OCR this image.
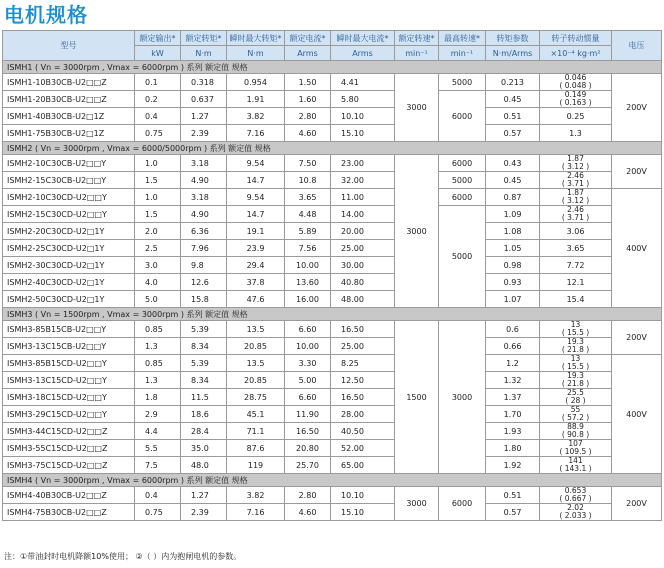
电机规格
型号	额定输出*	额定转矩*	瞬时最大转矩*	额定电流*	瞬时最大电流*	额定转速*	最高转速*	转矩参数	转子转动惯量	电压
	kW	N·m	N·m	Arms	Arms	min⁻¹	min⁻¹	N·m/Arms	×10⁻⁴ kg·m²	
ISMH1 ( Vn = 3000rpm , Vmax = 6000rpm ) 系列 额定值 规格										
ISMH1-10B30CB-U2□□Z	0.1	0.318	0.954	1.50	4.41	3000	5000	0.213	0.046
( 0.048 )	200V
ISMH1-20B30CB-U2□□Z	0.2	0.637	1.91	1.60	5.80		6000	0.45	0.149
( 0.163 )	

ISMH1-40B30CB-U2□1Z	0.4	1.27	3.82	2.80	10.10			0.51	0.25	
ISMH1-75B30CB-U2□1Z	0.75	2.39	7.16	4.60	15.10			0.57	1.3	
ISMH2 ( Vn = 3000rpm , Vmax = 6000/5000rpm ) 系列 额定值 规格										
ISMH2-10C30CB-U2□□Y	1.0	3.18	9.54	7.50	23.00	3000	6000	0.43	1.87
( 3.12 )	200V
ISMH2-15C30CB-U2□□Y	1.5	4.90	14.7	10.8	32.00		5000	0.45	2.46
( 3.71 )	

ISMH2-10C30CD-U2□□Y	1.0	3.18	9.54	3.65	11.00		6000	0.87	1.87
( 3.12 )	400V
ISMH2-15C30CD-U2□□Y	1.5	4.90	14.7	4.48	14.00		5000	1.09	2.46
( 3.71 )	

ISMH2-20C30CD-U2□1Y	2.0	6.36	19.1	5.89	20.00			1.08	3.06	
ISMH2-25C30CD-U2□1Y	2.5	7.96	23.9	7.56	25.00			1.05	3.65	
ISMH2-30C30CD-U2□1Y	3.0	9.8	29.4	10.00	30.00			0.98	7.72	
ISMH2-40C30CD-U2□1Y	4.0	12.6	37.8	13.60	40.80			0.93	12.1	
ISMH2-50C30CD-U2□1Y	5.0	15.8	47.6	16.00	48.00			1.07	15.4	
ISMH3 ( Vn = 1500rpm , Vmax = 3000rpm ) 系列 额定值 规格										
ISMH3-85B15CB-U2□□Y	0.85	5.39	13.5	6.60	16.50	1500	3000	0.6	13
( 15.5 )	200V
ISMH3-13C15CB-U2□□Y	1.3	8.34	20.85	10.00	25.00			0.66	19.3
( 21.8 )	

ISMH3-85B15CD-U2□□Y	0.85	5.39	13.5	3.30	8.25			1.2	13
( 15.5 )	400V
ISMH3-13C15CD-U2□□Y	1.3	8.34	20.85	5.00	12.50			1.32	19.3
( 21.8 )	

ISMH3-18C15CD-U2□□Y	1.8	11.5	28.75	6.60	16.50			1.37	25.5
( 28 )	

ISMH3-29C15CD-U2□□Y	2.9	18.6	45.1	11.90	28.00			1.70	55
( 57.2 )	

ISMH3-44C15CD-U2□□Z	4.4	28.4	71.1	16.50	40.50			1.93	88.9
( 90.8 )	

ISMH3-55C15CD-U2□□Z	5.5	35.0	87.6	20.80	52.00			1.80	107
( 109.5 )	

ISMH3-75C15CD-U2□□Z	7.5	48.0	119	25.70	65.00			1.92	141
( 143.1 )	

ISMH4 ( Vn = 3000rpm , Vmax = 6000rpm ) 系列 额定值 规格										
ISMH4-40B30CB-U2□□Z	0.4	1.27	3.82	2.80	10.10	3000	6000	0.51	0.653
( 0.667 )	200V
ISMH4-75B30CB-U2□□Z	0.75	2.39	7.16	4.60	15.10			0.57	2.02
( 2.033 )	
注：①带油封时电机降额10%使用； ②（ ）内为抱闸电机的参数。
